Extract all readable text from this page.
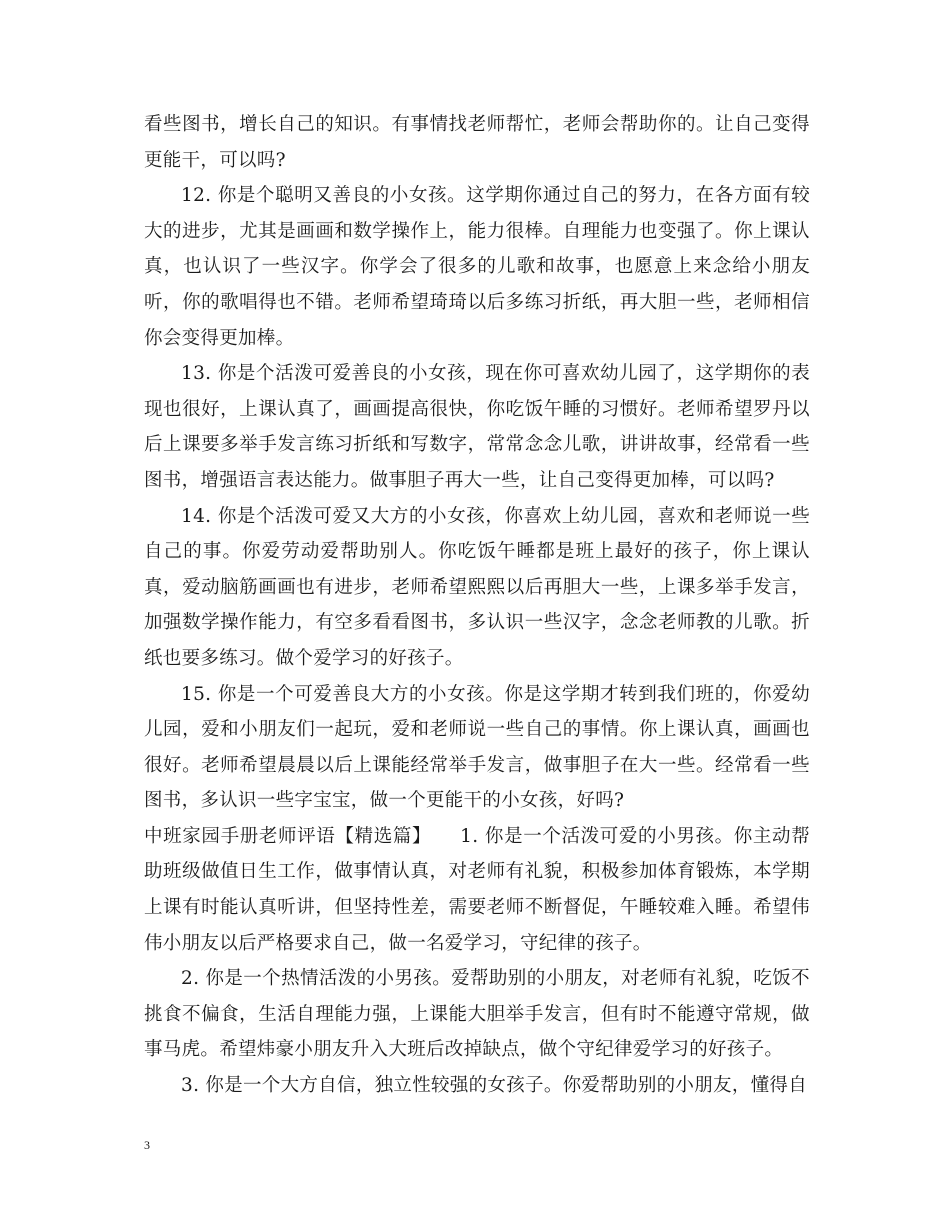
看些图书，增长自己的知识。有事情找老师帮忙，老师会帮助你的。让自己变得更能干，可以吗?

12. 你是个聪明又善良的小女孩。这学期你通过自己的努力，在各方面有较大的进步，尤其是画画和数学操作上，能力很棒。自理能力也变强了。你上课认真，也认识了一些汉字。你学会了很多的儿歌和故事，也愿意上来念给小朋友听，你的歌唱得也不错。老师希望琦琦以后多练习折纸，再大胆一些，老师相信你会变得更加棒。

13. 你是个活泼可爱善良的小女孩，现在你可喜欢幼儿园了，这学期你的表现也很好，上课认真了，画画提高很快，你吃饭午睡的习惯好。老师希望罗丹以后上课要多举手发言练习折纸和写数字，常常念念儿歌，讲讲故事，经常看一些图书，增强语言表达能力。做事胆子再大一些，让自己变得更加棒，可以吗?

14. 你是个活泼可爱又大方的小女孩，你喜欢上幼儿园，喜欢和老师说一些自己的事。你爱劳动爱帮助别人。你吃饭午睡都是班上最好的孩子，你上课认真，爱动脑筋画画也有进步，老师希望熙熙以后再胆大一些，上课多举手发言，加强数学操作能力，有空多看看图书，多认识一些汉字，念念老师教的儿歌。折纸也要多练习。做个爱学习的好孩子。

15. 你是一个可爱善良大方的小女孩。你是这学期才转到我们班的，你爱幼儿园，爱和小朋友们一起玩，爱和老师说一些自己的事情。你上课认真，画画也很好。老师希望晨晨以后上课能经常举手发言，做事胆子在大一些。经常看一些图书，多认识一些字宝宝，做一个更能干的小女孩，好吗?

中班家园手册老师评语【精选篇】　　1. 你是一个活泼可爱的小男孩。你主动帮助班级做值日生工作，做事情认真，对老师有礼貌，积极参加体育锻炼，本学期上课有时能认真听讲，但坚持性差，需要老师不断督促，午睡较难入睡。希望伟伟小朋友以后严格要求自己，做一名爱学习，守纪律的孩子。

2. 你是一个热情活泼的小男孩。爱帮助别的小朋友，对老师有礼貌，吃饭不挑食不偏食，生活自理能力强，上课能大胆举手发言，但有时不能遵守常规，做事马虎。希望炜豪小朋友升入大班后改掉缺点，做个守纪律爱学习的好孩子。

3. 你是一个大方自信，独立性较强的女孩子。你爱帮助别的小朋友，懂得自

3
